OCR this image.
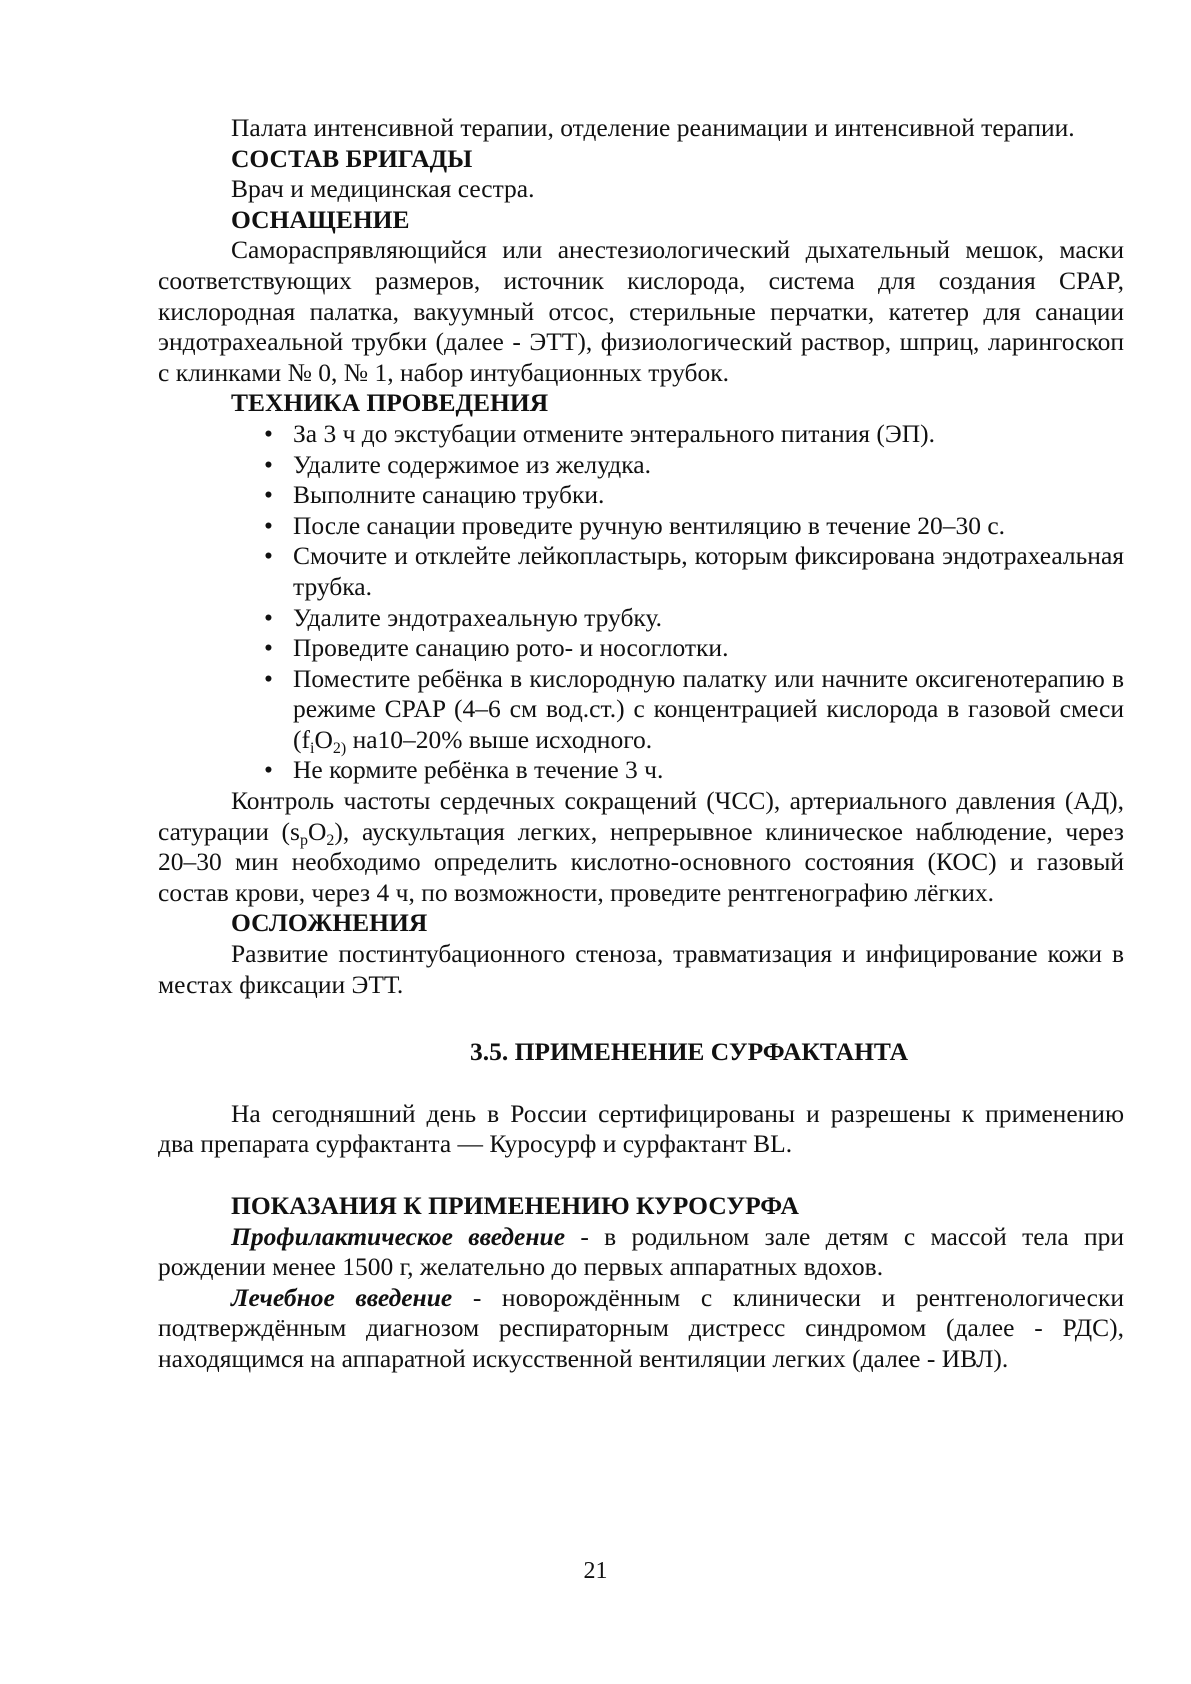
Палата интенсивной терапии, отделение реанимации и интенсивной терапии.

СОСТАВ БРИГАДЫ

Врач и медицинская сестра.

ОСНАЩЕНИЕ

Самораспрявляющийся или анестезиологический дыхательный мешок, маски соответствующих размеров, источник кислорода, система для создания CPAP, кислородная палатка, вакуумный отсос, стерильные перчатки, катетер для санации эндотрахеальной трубки (далее - ЭТТ), физиологический раствор, шприц, ларингоскоп с клинками № 0, № 1, набор интубационных трубок.

ТЕХНИКА ПРОВЕДЕНИЯ

• За 3 ч до экстубации отмените энтерального питания (ЭП).
• Удалите содержимое из желудка.
• Выполните санацию трубки.
• После санации проведите ручную вентиляцию в течение 20–30 с.
• Смочите и отклейте лейкопластырь, которым фиксирована эндотрахеальная трубка.
• Удалите эндотрахеальную трубку.
• Проведите санацию рото- и носоглотки.
• Поместите ребёнка в кислородную палатку или начните оксигенотерапию в режиме CPAP (4–6 см вод.ст.) с концентрацией кислорода в газовой смеси ($f_iO_{2)}$ на10–20% выше исходного.
• Не кормите ребёнка в течение 3 ч.

Контроль частоты сердечных сокращений (ЧСС), артериального давления (АД), сатурации $(s_pO_2)$, аускультация легких, непрерывное клиническое наблюдение, через 20–30 мин необходимо определить кислотно-основного состояния (КОС) и газовый состав крови, через 4 ч, по возможности, проведите рентгенографию лёгких.

ОСЛОЖНЕНИЯ

Развитие постинтубационного стеноза, травматизация и инфицирование кожи в местах фиксации ЭТТ.

3.5. ПРИМЕНЕНИЕ СУРФАКТАНТА

На сегодняшний день в России сертифицированы и разрешены к применению два препарата сурфактанта — Куросурф и сурфактант BL.

ПОКАЗАНИЯ К ПРИМЕНЕНИЮ КУРОСУРФА

Профилактическое введение - в родильном зале детям с массой тела при рождении менее 1500 г, желательно до первых аппаратных вдохов.

Лечебное введение - новорождённым с клинически и рентгенологически подтверждённым диагнозом респираторным дистресс синдромом (далее - РДС), находящимся на аппаратной искусственной вентиляции легких (далее - ИВЛ).

21
